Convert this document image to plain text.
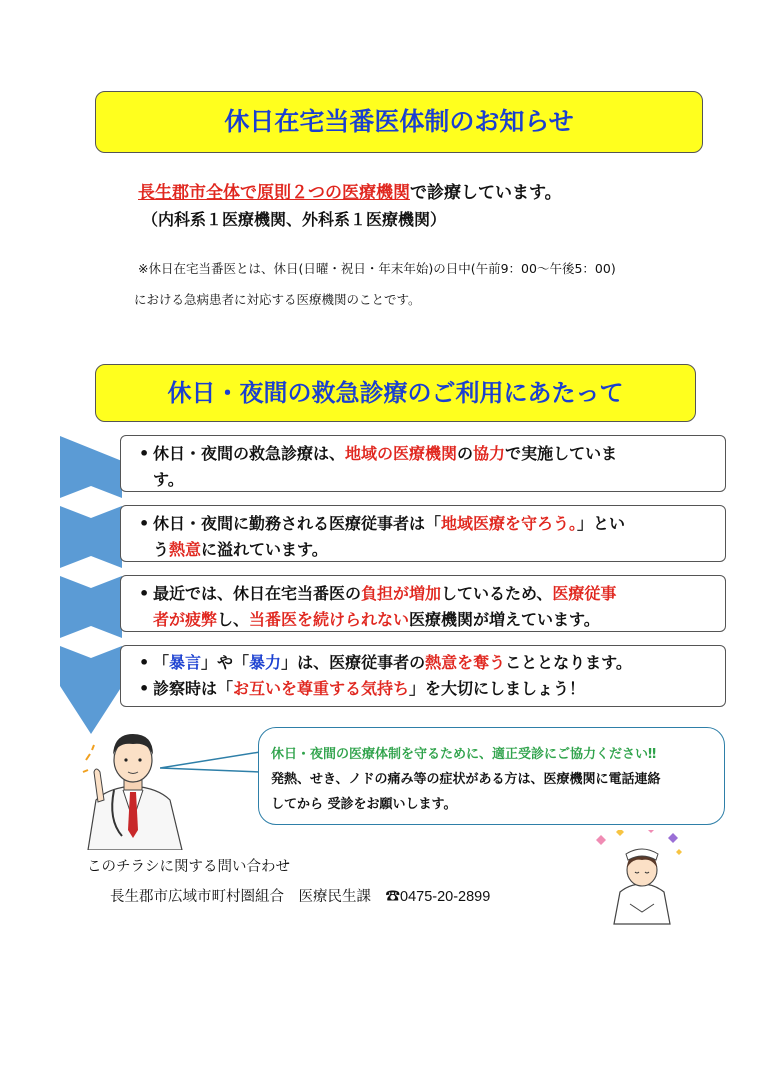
休日在宅当番医体制のお知らせ
長生郡市全体で原則２つの医療機関で診療しています。
（内科系１医療機関、外科系１医療機関）
※休日在宅当番医とは、休日(日曜・祝日・年末年始)の日中(午前9：00～午後5：00)
における急病患者に対応する医療機関のことです。
休日・夜間の救急診療のご利用にあたって

• 休日・夜間の救急診療は、地域の医療機関の協力で実施していま

す。

• 休日・夜間に勤務される医療従事者は「地域医療を守ろう。」とい

う熱意に溢れています。

• 最近では、休日在宅当番医の負担が増加しているため、医療従事

者が疲弊し、当番医を続けられない医療機関が増えています。

• 「暴言」や「暴力」は、医療従事者の熱意を奪うこととなります。

• 診察時は「お互いを尊重する気持ち」を大切にしましょう！

休日・夜間の医療体制を守るために、適正受診にご協力ください‼
発熱、せき、ノドの痛み等の症状がある方は、医療機関に電話連絡
してから 受診をお願いします。
このチラシに関する問い合わせ
長生郡市広域市町村圏組合　医療民生課　 ☎0475-20-2899
